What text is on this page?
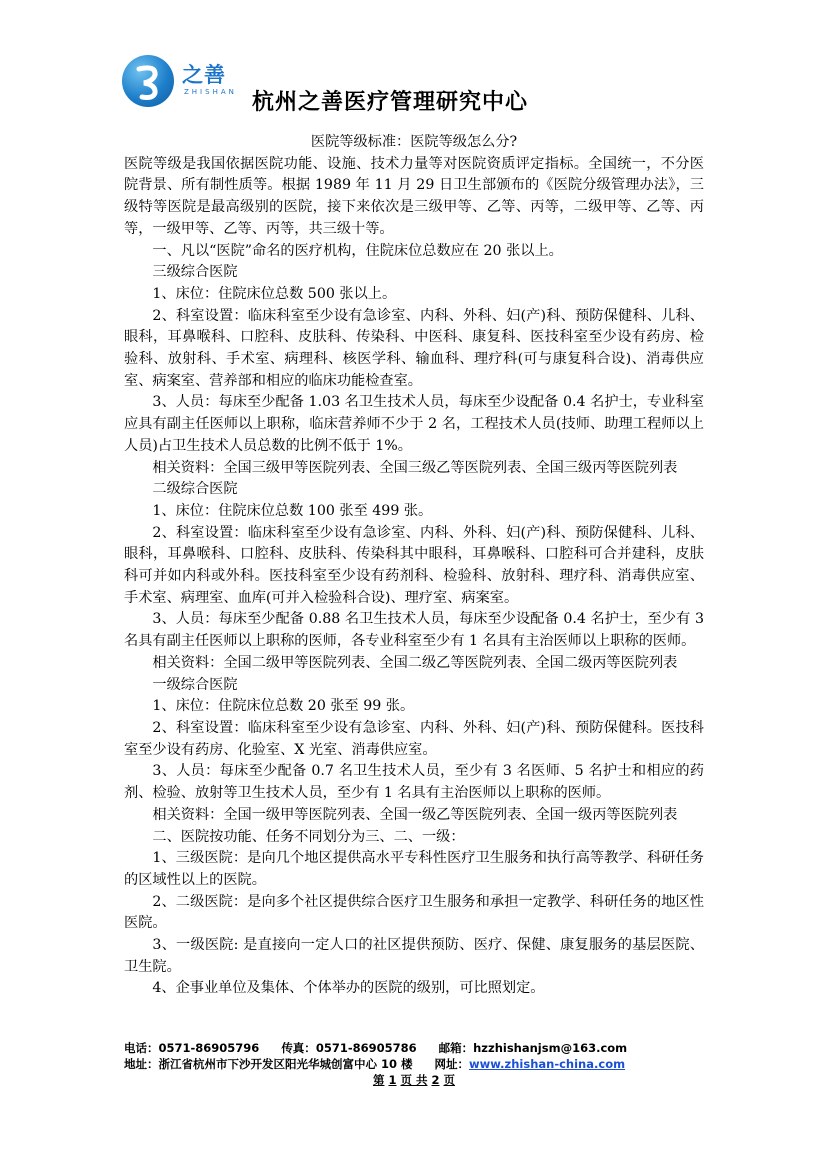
之善
ZHISHAN 杭州之善医疗管理研究中心

医院等级标准：医院等级怎么分?

医院等级是我国依据医院功能、设施、技术力量等对医院资质评定指标。全国统一，不分医院背景、所有制性质等。根据 1989 年 11 月 29 日卫生部颁布的《医院分级管理办法》，三级特等医院是最高级别的医院，接下来依次是三级甲等、乙等、丙等，二级甲等、乙等、丙等，一级甲等、乙等、丙等，共三级十等。

一、凡以“医院”命名的医疗机构，住院床位总数应在 20 张以上。

三级综合医院

1、床位：住院床位总数 500 张以上。

2、科室设置：临床科室至少设有急诊室、内科、外科、妇(产)科、预防保健科、儿科、眼科，耳鼻喉科、口腔科、皮肤科、传染科、中医科、康复科、医技科室至少设有药房、检验科、放射科、手术室、病理科、核医学科、输血科、理疗科(可与康复科合设)、消毒供应室、病案室、营养部和相应的临床功能检查室。

3、人员：每床至少配备 1.03 名卫生技术人员，每床至少设配备 0.4 名护士，专业科室应具有副主任医师以上职称，临床营养师不少于 2 名，工程技术人员(技师、助理工程师以上人员)占卫生技术人员总数的比例不低于 1%。

相关资料：全国三级甲等医院列表、全国三级乙等医院列表、全国三级丙等医院列表

二级综合医院

1、床位：住院床位总数 100 张至 499 张。

2、科室设置：临床科室至少设有急诊室、内科、外科、妇(产)科、预防保健科、儿科、眼科，耳鼻喉科、口腔科、皮肤科、传染科其中眼科，耳鼻喉科、口腔科可合并建科，皮肤科可并如内科或外科。医技科室至少设有药剂科、检验科、放射科、理疗科、消毒供应室、手术室、病理室、血库(可并入检验科合设)、理疗室、病案室。

3、人员：每床至少配备 0.88 名卫生技术人员，每床至少设配备 0.4 名护士，至少有 3 名具有副主任医师以上职称的医师，各专业科室至少有 1 名具有主治医师以上职称的医师。

相关资料：全国二级甲等医院列表、全国二级乙等医院列表、全国二级丙等医院列表

一级综合医院

1、床位：住院床位总数 20 张至 99 张。

2、科室设置：临床科室至少设有急诊室、内科、外科、妇(产)科、预防保健科。医技科室至少设有药房、化验室、X 光室、消毒供应室。

3、人员：每床至少配备 0.7 名卫生技术人员，至少有 3 名医师、5 名护士和相应的药剂、检验、放射等卫生技术人员，至少有 1 名具有主治医师以上职称的医师。

相关资料：全国一级甲等医院列表、全国一级乙等医院列表、全国一级丙等医院列表

二、医院按功能、任务不同划分为三、二、一级：

1、三级医院：是向几个地区提供高水平专科性医疗卫生服务和执行高等教学、科研任务的区域性以上的医院。

2、二级医院：是向多个社区提供综合医疗卫生服务和承担一定教学、科研任务的地区性医院。

3、一级医院: 是直接向一定人口的社区提供预防、医疗、保健、康复服务的基层医院、卫生院。

4、企事业单位及集体、个体举办的医院的级别，可比照划定。

电话：0571-86905796 传真：0571-86905786 邮箱：hzzhishanjsm@163.com
地址：浙江省杭州市下沙开发区阳光华城创富中心 10 楼 网址：www.zhishan-china.com
第 1 页 共 2 页
